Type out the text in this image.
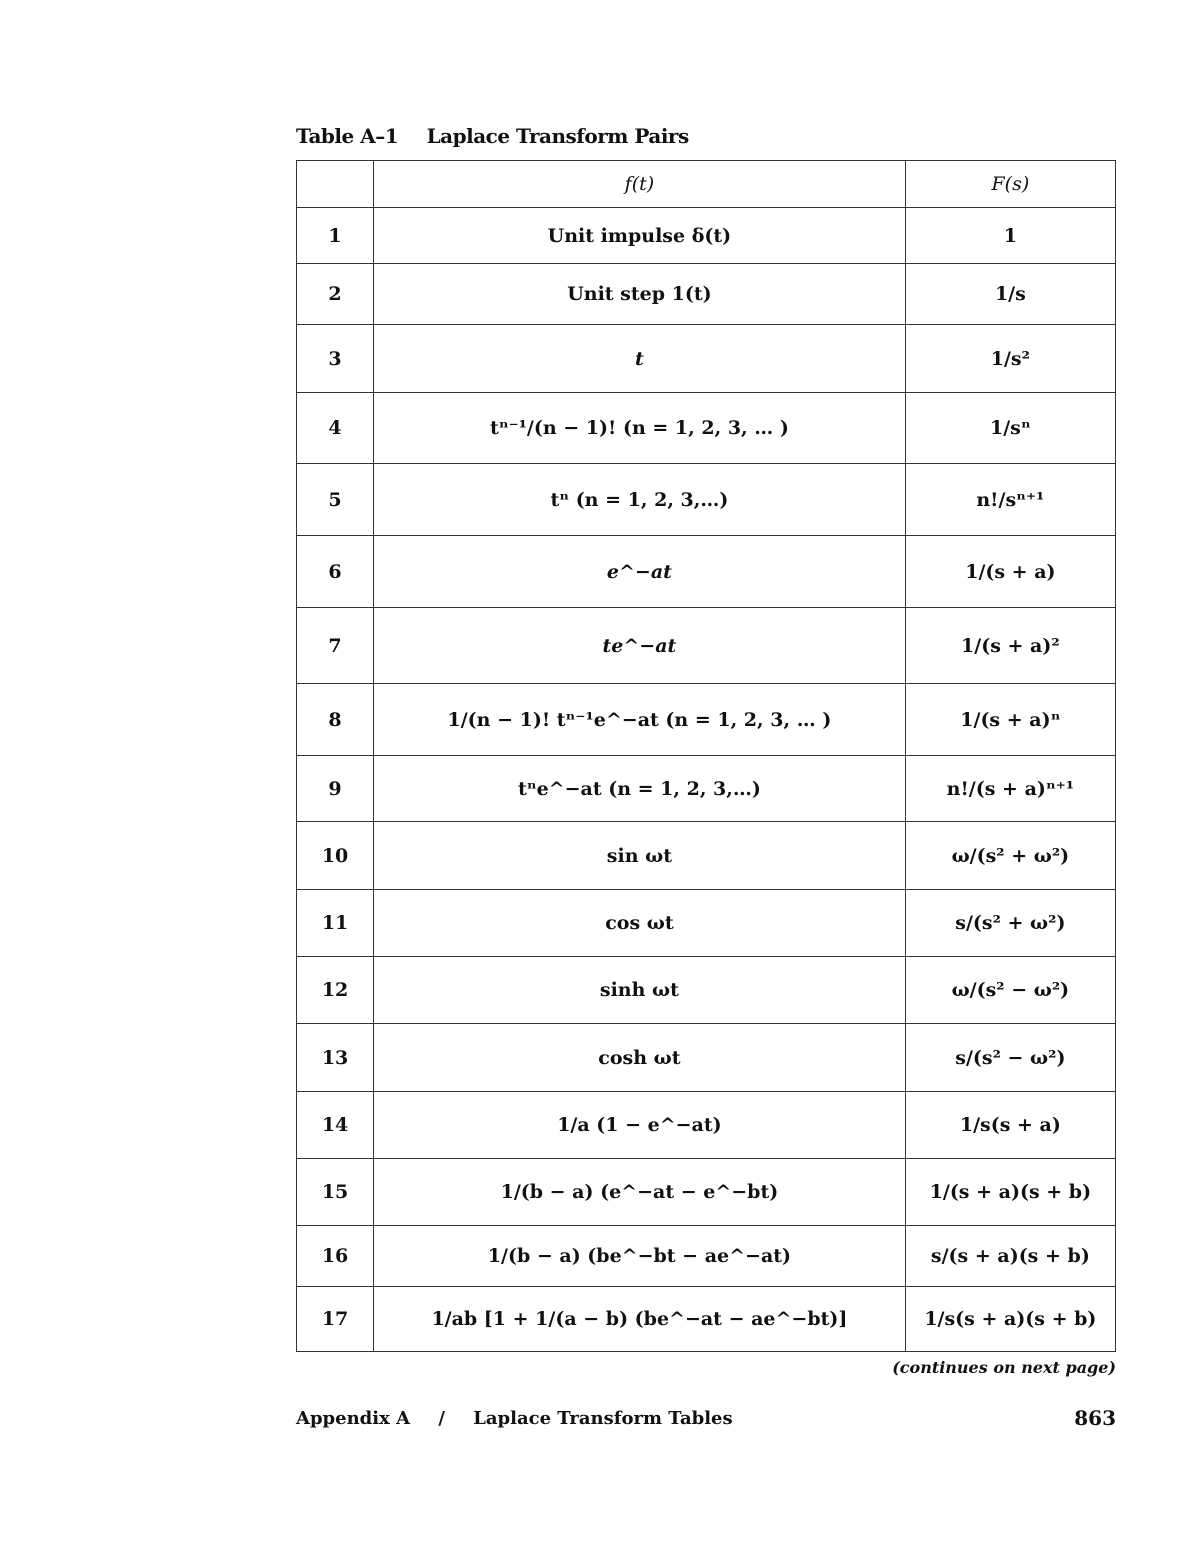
Table A–1 Laplace Transform Pairs
	f(t)	F(s)
1	Unit impulse δ(t)	1
2	Unit step 1(t)	1/s
3	t	1/s²
4	tⁿ⁻¹/(n − 1)! (n = 1, 2, 3, … )	1/sⁿ
5	tⁿ (n = 1, 2, 3,…)	n!/sⁿ⁺¹
6	e^−at	1/(s + a)
7	te^−at	1/(s + a)²
8	1/(n − 1)! tⁿ⁻¹e^−at (n = 1, 2, 3, … )	1/(s + a)ⁿ
9	tⁿe^−at (n = 1, 2, 3,…)	n!/(s + a)ⁿ⁺¹
10	sin ωt	ω/(s² + ω²)
11	cos ωt	s/(s² + ω²)
12	sinh ωt	ω/(s² − ω²)
13	cosh ωt	s/(s² − ω²)
14	1/a (1 − e^−at)	1/s(s + a)
15	1/(b − a) (e^−at − e^−bt)	1/(s + a)(s + b)
16	1/(b − a) (be^−bt − ae^−at)	s/(s + a)(s + b)
17	1/ab [1 + 1/(a − b) (be^−at − ae^−bt)]	1/s(s + a)(s + b)
(continues on next page)
Appendix A / Laplace Transform Tables	863
